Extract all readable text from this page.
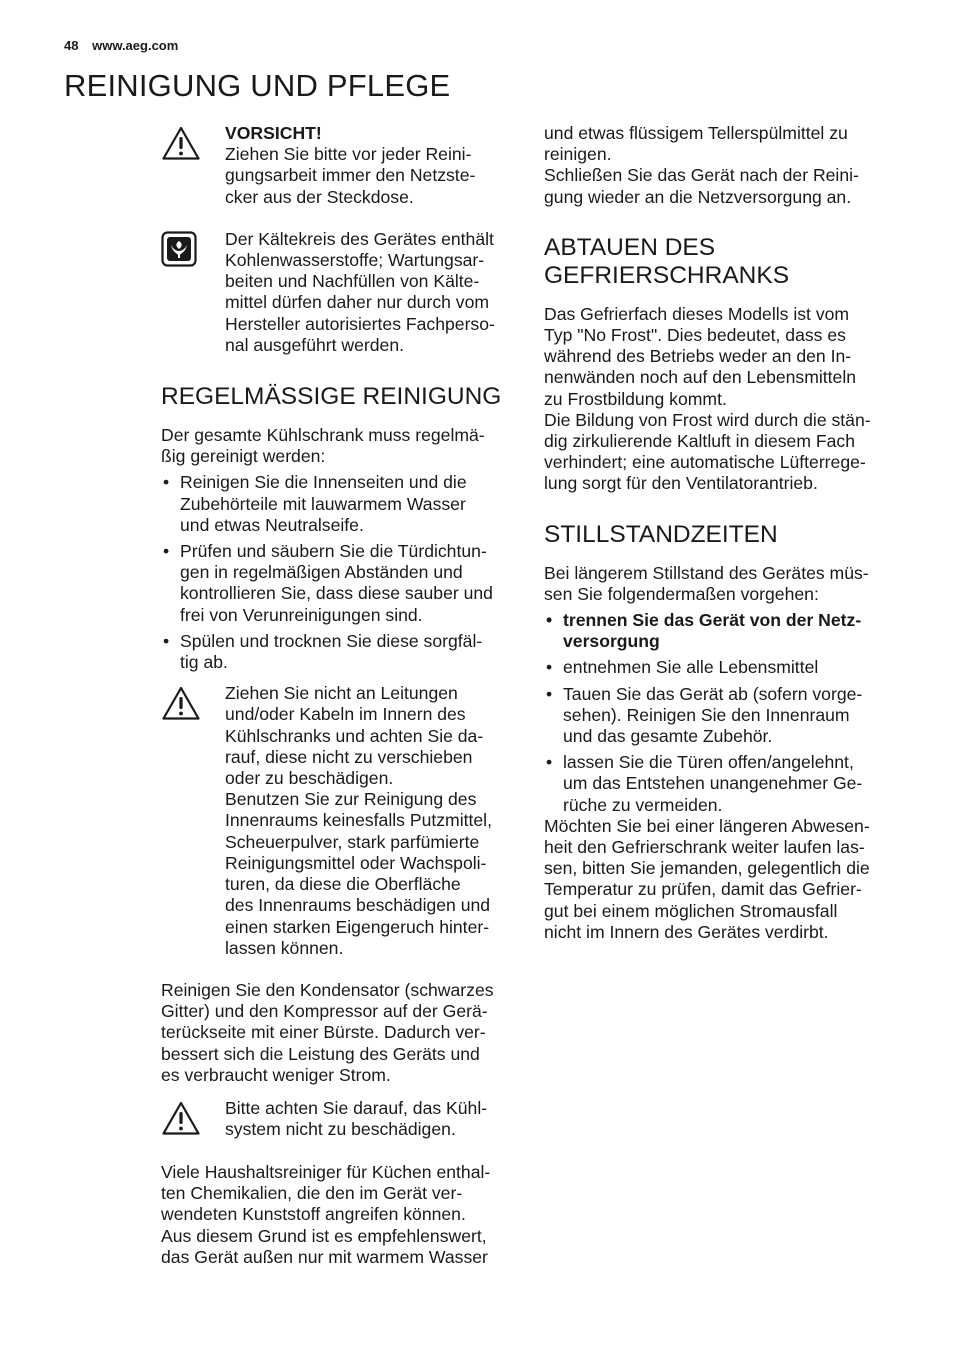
48 www.aeg.com
REINIGUNG UND PFLEGE
VORSICHT!
Ziehen Sie bitte vor jeder Reini-
gungsarbeit immer den Netzste-
cker aus der Steckdose.
Der Kältekreis des Gerätes enthält
Kohlenwasserstoffe; Wartungsar-
beiten und Nachfüllen von Kälte-
mittel dürfen daher nur durch vom
Hersteller autorisiertes Fachperso-
nal ausgeführt werden.
REGELMÄSSIGE REINIGUNG
Der gesamte Kühlschrank muss regelmä-
ßig gereinigt werden:
• Reinigen Sie die Innenseiten und die
Zubehörteile mit lauwarmem Wasser
und etwas Neutralseife.
• Prüfen und säubern Sie die Türdichtun-
gen in regelmäßigen Abständen und
kontrollieren Sie, dass diese sauber und
frei von Verunreinigungen sind.
• Spülen und trocknen Sie diese sorgfäl-
tig ab.
Ziehen Sie nicht an Leitungen
und/oder Kabeln im Innern des
Kühlschranks und achten Sie da-
rauf, diese nicht zu verschieben
oder zu beschädigen.
Benutzen Sie zur Reinigung des
Innenraums keinesfalls Putzmittel,
Scheuerpulver, stark parfümierte
Reinigungsmittel oder Wachspoli-
turen, da diese die Oberfläche
des Innenraums beschädigen und
einen starken Eigengeruch hinter-
lassen können.
Reinigen Sie den Kondensator (schwarzes
Gitter) und den Kompressor auf der Gerä-
terückseite mit einer Bürste. Dadurch ver-
bessert sich die Leistung des Geräts und
es verbraucht weniger Strom.
Bitte achten Sie darauf, das Kühl-
system nicht zu beschädigen.
Viele Haushaltsreiniger für Küchen enthal-
ten Chemikalien, die den im Gerät ver-
wendeten Kunststoff angreifen können.
Aus diesem Grund ist es empfehlenswert,
das Gerät außen nur mit warmem Wasser
und etwas flüssigem Tellerspülmittel zu
reinigen.
Schließen Sie das Gerät nach der Reini-
gung wieder an die Netzversorgung an.
ABTAUEN DES
GEFRIERSCHRANKS
Das Gefrierfach dieses Modells ist vom
Typ "No Frost". Dies bedeutet, dass es
während des Betriebs weder an den In-
nenwänden noch auf den Lebensmitteln
zu Frostbildung kommt.
Die Bildung von Frost wird durch die stän-
dig zirkulierende Kaltluft in diesem Fach
verhindert; eine automatische Lüfterrege-
lung sorgt für den Ventilatorantrieb.
STILLSTANDZEITEN
Bei längerem Stillstand des Gerätes müs-
sen Sie folgendermaßen vorgehen:
• trennen Sie das Gerät von der Netz-
versorgung
• entnehmen Sie alle Lebensmittel
• Tauen Sie das Gerät ab (sofern vorge-
sehen). Reinigen Sie den Innenraum
und das gesamte Zubehör.
• lassen Sie die Türen offen/angelehnt,
um das Entstehen unangenehmer Ge-
rüche zu vermeiden.
Möchten Sie bei einer längeren Abwesen-
heit den Gefrierschrank weiter laufen las-
sen, bitten Sie jemanden, gelegentlich die
Temperatur zu prüfen, damit das Gefrier-
gut bei einem möglichen Stromausfall
nicht im Innern des Gerätes verdirbt.
